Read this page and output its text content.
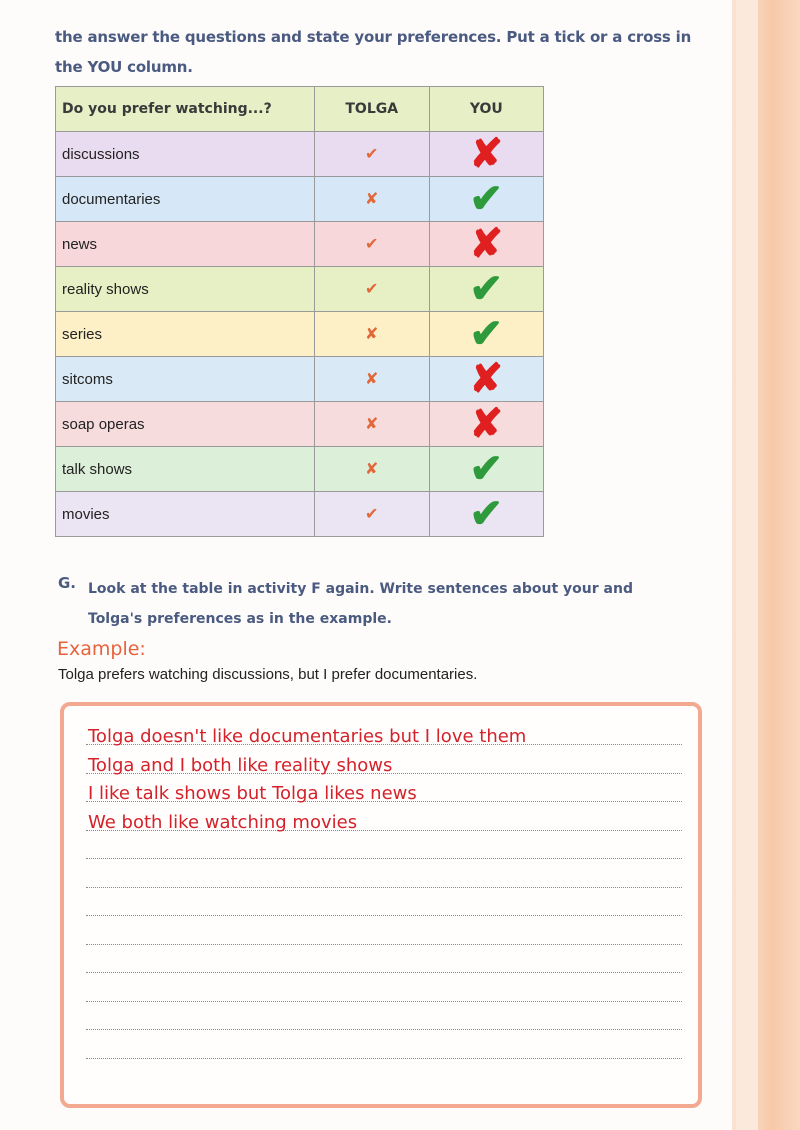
the answer the questions and state your preferences. Put a tick or a cross in
the YOU column.
Do you prefer watching...?	TOLGA	YOU
discussions	✔	✘
documentaries	✘	✔
news	✔	✘
reality shows	✔	✔
series	✘	✔
sitcoms	✘	✘
soap operas	✘	✘
talk shows	✘	✔
movies	✔	✔
G. Look at the table in activity F again. Write sentences about your and Tolga's preferences as in the example.
Example:
Tolga prefers watching discussions, but I prefer documentaries.
Tolga doesn't like documentaries but I love them
Tolga and I both like reality shows
I like talk shows but Tolga likes news
We both like watching movies
